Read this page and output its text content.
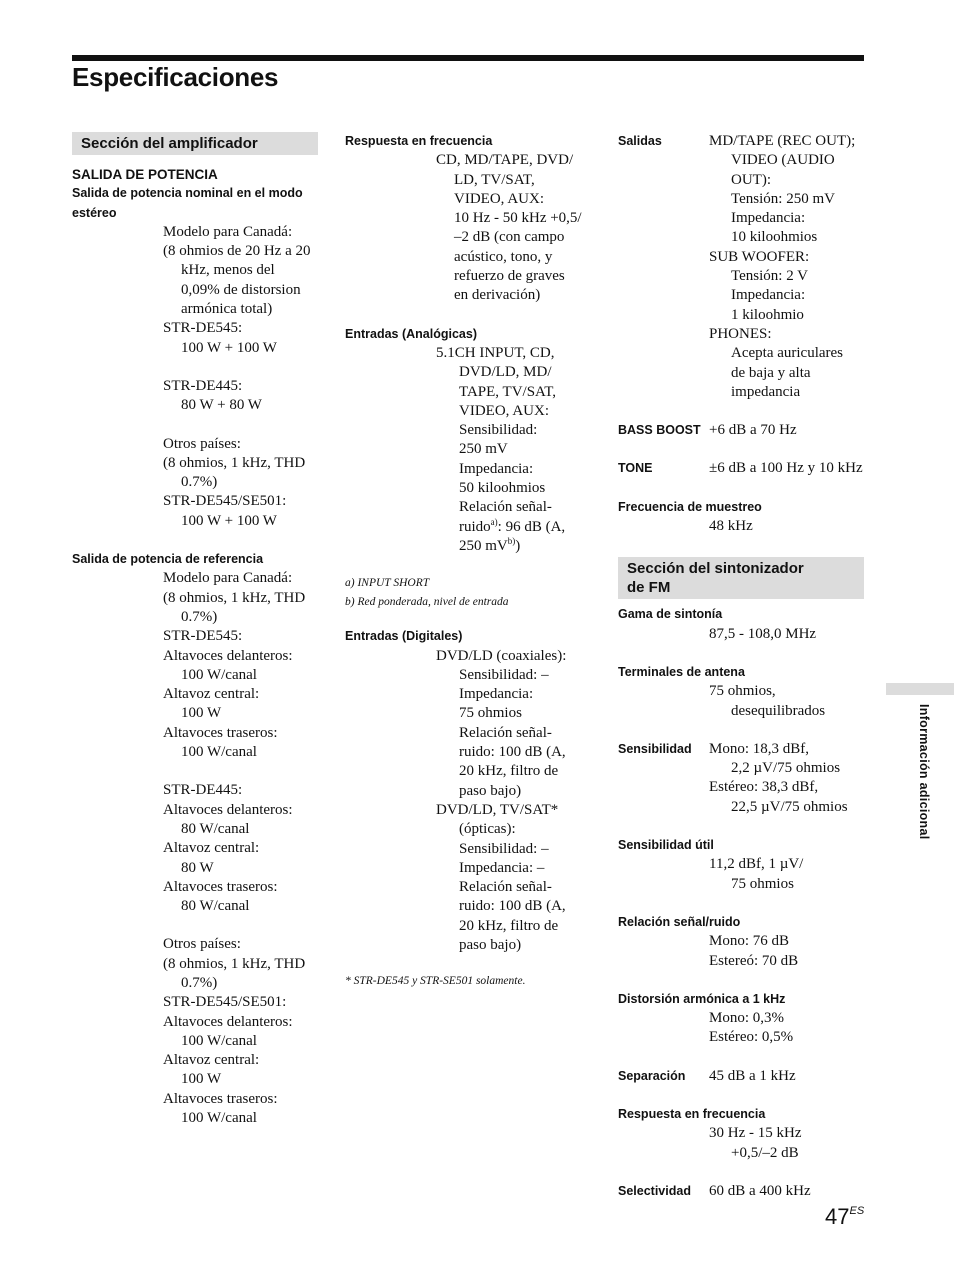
Especificaciones
Sección del amplificador
SALIDA DE POTENCIA
Salida de potencia nominal en el modo
estéreo
Modelo para Canadá:
(8 ohmios de 20 Hz a 20
kHz, menos del
0,09% de distorsion
armónica total)
STR-DE545:
100 W + 100 W
STR-DE445:
80 W + 80 W
Otros países:
(8 ohmios, 1 kHz, THD
0.7%)
STR-DE545/SE501:
100 W + 100 W
Salida de potencia de referencia
Modelo para Canadá:
(8 ohmios, 1 kHz, THD
0.7%)
STR-DE545:
Altavoces delanteros:
100 W/canal
Altavoz central:
100 W
Altavoces traseros:
100 W/canal
STR-DE445:
Altavoces delanteros:
80 W/canal
Altavoz central:
80 W
Altavoces traseros:
80 W/canal
Otros países:
(8 ohmios, 1 kHz, THD
0.7%)
STR-DE545/SE501:
Altavoces delanteros:
100 W/canal
Altavoz central:
100 W
Altavoces traseros:
100 W/canal
Respuesta en frecuencia
CD, MD/TAPE, DVD/
LD, TV/SAT,
VIDEO, AUX:
10 Hz - 50 kHz +0,5/
–2 dB (con campo
acústico, tono, y
refuerzo de graves
en derivación)
Entradas (Analógicas)
5.1CH INPUT, CD,
DVD/LD, MD/
TAPE, TV/SAT,
VIDEO, AUX:
Sensibilidad:
250 mV
Impedancia:
50 kiloohmios
Relación señal-
ruido$^{a)}$: 96 dB (A,
250 $mV^{b)}$)
a) INPUT SHORT
b) Red ponderada, nivel de entrada
Entradas (Digitales)
DVD/LD (coaxiales):
Sensibilidad: –
Impedancia:
75 ohmios
Relación señal-
ruido: 100 dB (A,
20 kHz, filtro de
paso bajo)
DVD/LD, TV/SAT*
(ópticas):
Sensibilidad: –
Impedancia: –
Relación señal-
ruido: 100 dB (A,
20 kHz, filtro de
paso bajo)
* STR-DE545 y STR-SE501 solamente.
Salidas	MD/TAPE (REC OUT);
VIDEO (AUDIO
OUT):
Tensión: 250 mV
Impedancia:
10 kiloohmios
SUB WOOFER:
Tensión: 2 V
Impedancia:
1 kiloohmio
PHONES:
Acepta auriculares
de baja y alta
impedancia
BASS BOOST +6 dB a 70 Hz
TONE	±6 dB a 100 Hz y 10 kHz
Frecuencia de muestreo
48 kHz
Sección del sintonizador
de FM
Gama de sintonía
87,5 - 108,0 MHz
Terminales de antena
75 ohmios,
desequilibrados
Sensibilidad Mono: 18,3 dBf,
2,2 µV/75 ohmios
Estéreo: 38,3 dBf,
22,5 µV/75 ohmios
Sensibilidad útil
11,2 dBf, 1 µV/
75 ohmios
Relación señal/ruido
Mono: 76 dB
Estereó: 70 dB
Distorsión armónica a 1 kHz
Mono: 0,3%
Estéreo: 0,5%
Separación 45 dB a 1 kHz
Respuesta en frecuencia
30 Hz - 15 kHz
+0,5/–2 dB
Selectividad 60 dB a 400 kHz
Información adicional
$47^{ES}$
